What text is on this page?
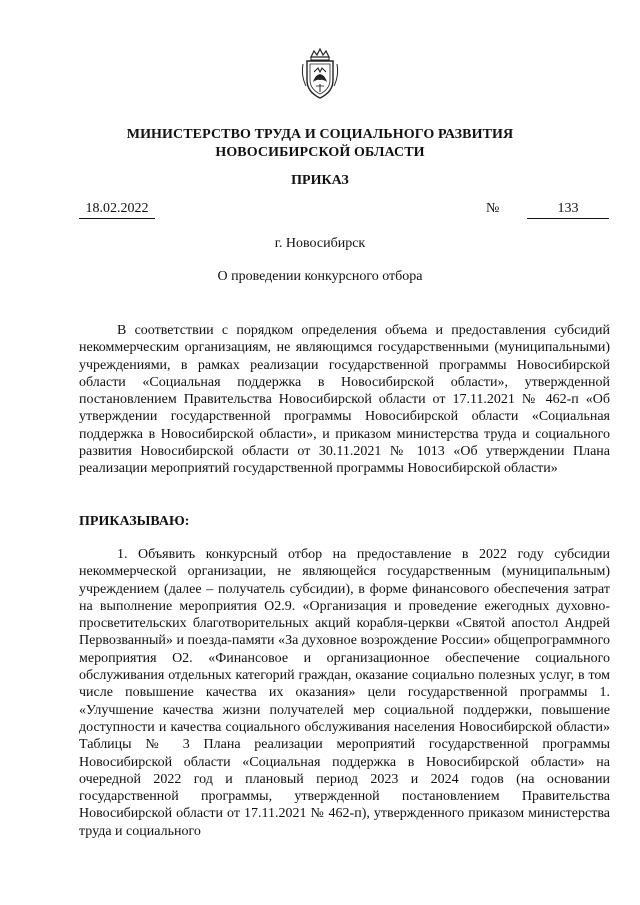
МИНИСТЕРСТВО ТРУДА И СОЦИАЛЬНОГО РАЗВИТИЯ
НОВОСИБИРСКОЙ ОБЛАСТИ
ПРИКАЗ
18.02.2022	№	133
г. Новосибирск
О проведении конкурсного отбора

В соответствии с порядком определения объема и предоставления субсидий некоммерческим организациям, не являющимся государственными (муниципальными) учреждениями, в рамках реализации государственной программы Новосибирской области «Социальная поддержка в Новосибирской области», утвержденной постановлением Правительства Новосибирской области от 17.11.2021 № 462-п «Об утверждении государственной программы Новосибирской области «Социальная поддержка в Новосибирской области», и приказом министерства труда и социального развития Новосибирской области от 30.11.2021 № 1013 «Об утверждении Плана реализации мероприятий государственной программы Новосибирской области»

ПРИКАЗЫВАЮ:

1. Объявить конкурсный отбор на предоставление в 2022 году субсидии некоммерческой организации, не являющейся государственным (муниципальным) учреждением (далее – получатель субсидии), в форме финансового обеспечения затрат на выполнение мероприятия О2.9. «Организация и проведение ежегодных духовно-просветительских благотворительных акций корабля-церкви «Святой апостол Андрей Первозванный» и поезда-памяти «За духовное возрождение России» общепрограммного мероприятия О2. «Финансовое и организационное обеспечение социального обслуживания отдельных категорий граждан, оказание социально полезных услуг, в том числе повышение качества их оказания» цели государственной программы 1. «Улучшение качества жизни получателей мер социальной поддержки, повышение доступности и качества социального обслуживания населения Новосибирской области» Таблицы № 3 Плана реализации мероприятий государственной программы Новосибирской области «Социальная поддержка в Новосибирской области» на очередной 2022 год и плановый период 2023 и 2024 годов (на основании государственной программы, утвержденной постановлением Правительства Новосибирской области от 17.11.2021 № 462-п), утвержденного приказом министерства труда и социального
